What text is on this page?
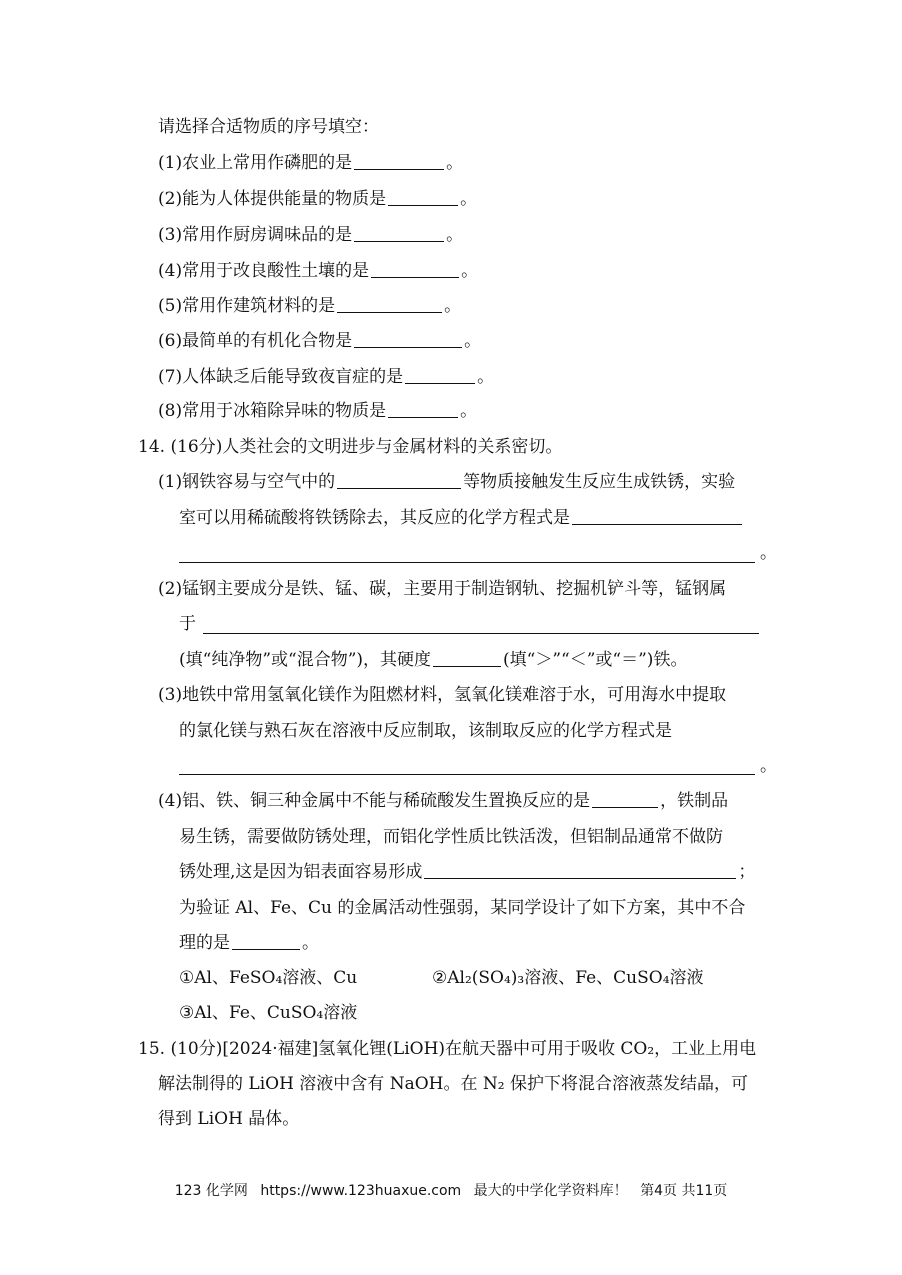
请选择合适物质的序号填空：
(1)农业上常用作磷肥的是	。
(2)能为人体提供能量的物质是	。
(3)常用作厨房调味品的是	。
(4)常用于改良酸性土壤的是	。
(5)常用作建筑材料的是	。
(6)最简单的有机化合物是	。
(7)人体缺乏后能导致夜盲症的是	。
(8)常用于冰箱除异味的物质是	。
14. (16分)人类社会的文明进步与金属材料的关系密切。
(1)钢铁容易与空气中的	等物质接触发生反应生成铁锈，实验
室可以用稀硫酸将铁锈除去，其反应的化学方程式是
。
(2)锰钢主要成分是铁、锰、碳，主要用于制造钢轨、挖掘机铲斗等，锰钢属
于
(填“纯净物”或“混合物”)，其硬度	(填“＞”“＜”或“＝”)铁。
(3)地铁中常用氢氧化镁作为阻燃材料，氢氧化镁难溶于水，可用海水中提取
的氯化镁与熟石灰在溶液中反应制取，该制取反应的化学方程式是
。
(4)铝、铁、铜三种金属中不能与稀硫酸发生置换反应的是	，铁制品
易生锈，需要做防锈处理，而铝化学性质比铁活泼，但铝制品通常不做防
锈处理,这是因为铝表面容易形成	；
为验证 Al、Fe、Cu 的金属活动性强弱，某同学设计了如下方案，其中不合
理的是	。
①Al、FeSO₄溶液、Cu	②Al₂(SO₄)₃溶液、Fe、CuSO₄溶液
③Al、Fe、CuSO₄溶液
15. (10分)[2024·福建]氢氧化锂(LiOH)在航天器中可用于吸收 CO₂，工业上用电
解法制得的 LiOH 溶液中含有 NaOH。在 N₂ 保护下将混合溶液蒸发结晶，可
得到 LiOH 晶体。
123 化学网 https://www.123huaxue.com 最大的中学化学资料库！ 第4页 共11页
